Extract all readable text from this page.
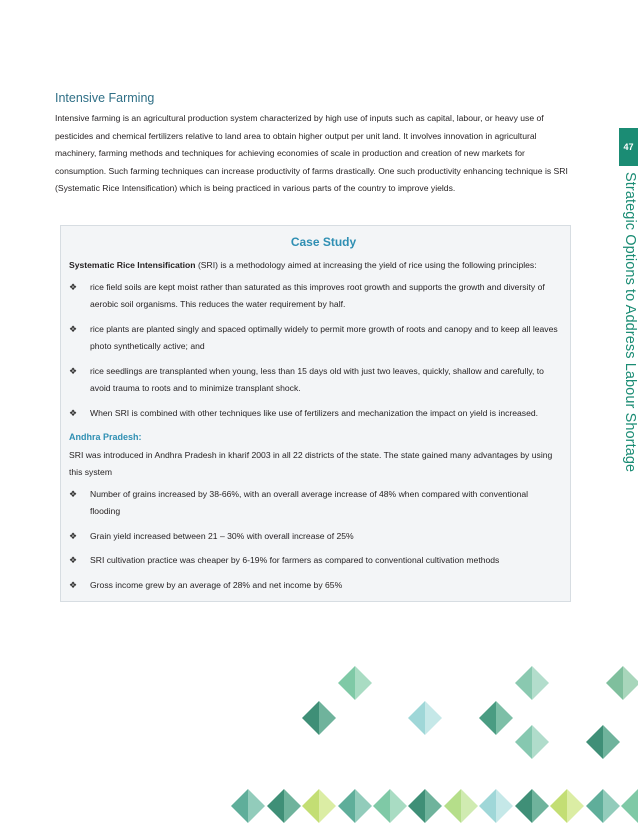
Intensive Farming

Intensive farming is an agricultural production system characterized by high use of inputs such as capital, labour, or heavy use of pesticides and chemical fertilizers relative to land area to obtain higher output per unit land. It involves innovation in agricultural machinery, farming methods and techniques for achieving economies of scale in production and creation of new markets for consumption. Such farming techniques can increase productivity of farms drastically. One such productivity enhancing technique is SRI (Systematic Rice Intensification) which is being practiced in various parts of the country to improve yields.

47
Strategic Options to Address Labour Shortage
Case Study

Systematic Rice Intensification (SRI) is a methodology aimed at increasing the yield of rice using the following principles:

❖ rice field soils are kept moist rather than saturated as this improves root growth and supports the growth and diversity of aerobic soil organisms. This reduces the water requirement by half.
❖ rice plants are planted singly and spaced optimally widely to permit more growth of roots and canopy and to keep all leaves photo synthetically active; and
❖ rice seedlings are transplanted when young, less than 15 days old with just two leaves, quickly, shallow and carefully, to avoid trauma to roots and to minimize transplant shock.
❖ When SRI is combined with other techniques like use of fertilizers and mechanization the impact on yield is increased.

Andhra Pradesh:

SRI was introduced in Andhra Pradesh in kharif 2003 in all 22 districts of the state. The state gained many advantages by using this system

❖ Number of grains increased by 38-66%, with an overall average increase of 48% when compared with conventional flooding
❖ Grain yield increased between 21 – 30% with overall increase of 25%
❖ SRI cultivation practice was cheaper by 6-19% for farmers as compared to conventional cultivation methods
❖ Gross income grew by an average of 28% and net income by 65%
